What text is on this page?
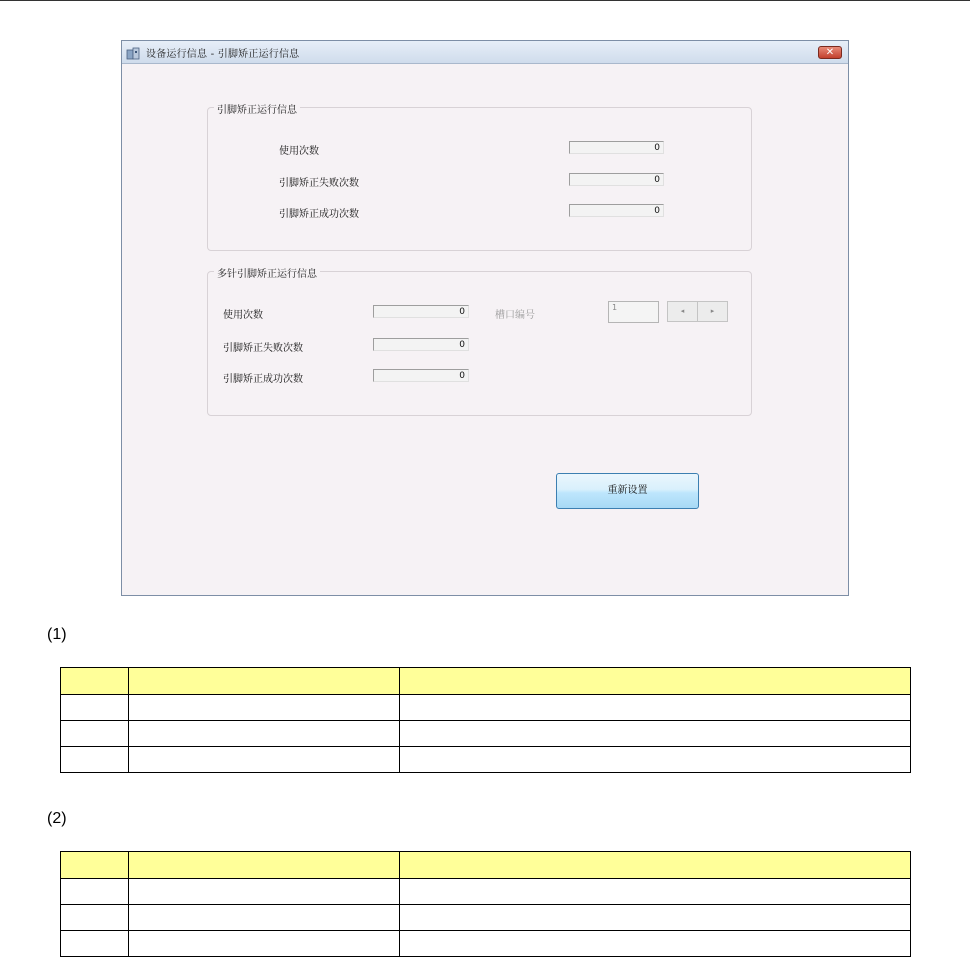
设备运行信息 - 引脚矫正运行信息	✕
引脚矫正运行信息
使用次数	0
引脚矫正失败次数	0
引脚矫正成功次数	0
多针引脚矫正运行信息
使用次数	0
引脚矫正失败次数	0
引脚矫正成功次数	0
槽口编号
1	◂	▸
重新设置
(1)

(2)
